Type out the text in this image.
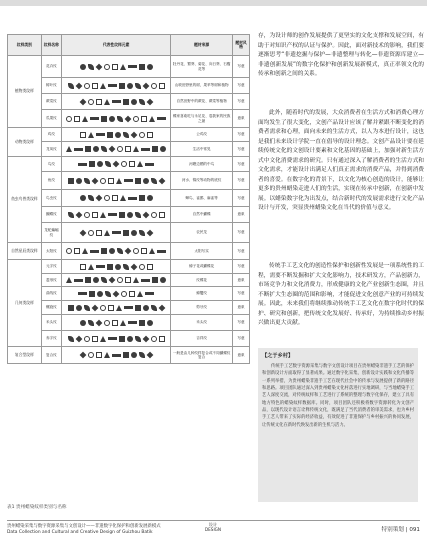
纹样类别	纹样名称	代表性纹样元素	题材来源	题材风格
植物类纹样	花卉纹		牡丹花、蜀葵、菊花、向日葵、石榴花等	写意
	树叶纹		山坡田野里的树，果苹等树和植物	写意
	蕨菜纹		自然田野中的蕨花、蕨菜等植物	写意
	瓜果纹		蝶家喜欢吃与永足花、卷我家的民族之最	意象
动物类纹样	鸡纹		公鸡纹	写意
	龙凤纹		生活中常见	写意
鱼虫鸟兽类纹样	鸟纹		河塘边栖的中鸟	写意
	鱼纹		河水、锦纹等动物的底纹	写意
	鸟虫纹		蝉鸟、雀鹊、麻雀等	写意
	蝴蝶纹		自然中蝴蝶	意象
	龙蛇蝙蝠纹		农民龙	写意
自然星辰类纹样	太阳纹		太阳写实	写意
几何类纹样	元字纹		螃子花或蝴蝶花	写意
	菱形纹		纹蝶花	意象
	曲线纹		螃蟹纹	写意
	螺旋纹		剪牙纹	意象
	禾头纹		禾头纹	写意
	寿字纹		吉祥纹	写意
复合型纹样	复合纹		一般是由几种纹样复合或不同蝴蝶纹复合	意象
表1 贵州蜡染纹样类别与名称

存，为设计师的创作发展提供了更坚实的文化支撑和发展空间，有助于对知识产权的认证与保护。因此，面对新技术的影响，我们要逐渐思考“非遗挖掘与保护—非遗整理与转化—非遗资源库建立—非遗创新发展”的数字化保护和创新发展新模式，真正率领文化的传承和创新之间的关系。

此外，随着时代的发展，大众消费者在生活方式和消费心理方面均发生了很大变化，文创产品设计应该了解并紧跟不断变化的消费者需求和心理，面向未来的生活方式，以人为本进行设计，这也是我们未来设计学院一直在倡导的设计理念。文创产品设计要在延续传统文化的文创设计要素和文化基因的基础上，加强对新生活方式中文化消费需求的研究。只有通过深入了解消费者的生活方式和文化需求，才能设计出满足人们真正需求的消费产品，并得到消费者的喜爱。在数字化的背景下，以文化为核心创造的设计，能够让更多的贵州蜡染走进人们的生活，实现在传承中创新，在创新中发展。以蜡染数字化为出发点，结合新时代的发展需求进行文化产品设计与开发，突显贵州蜡染文化在当代的价值与意义。

传统手工艺文化的创造性保护和创新性发展是一项系统性的工程，需要不断发掘和扩大文化影响力，技术研发方，产品创新力，市场竞争力和文化消费力，形成健康的文化产业创新生态圈，并且不断扩大生态圈的范围和影响，才能促进文化创意产业的可持续发展。因此，未来我们将继续推动传统手工艺文化在数字化时代的保护、研究和创新，把传统文化发展好、传承好，为持续推动乡村振兴做出更大贡献。

【之于乡村】

传统手工艺数字资源采集与数字文创设计项目在贵州蜡染非遗手工艺的保护和创新设计方面取得了显著成果。通过数字化采集、创新设计实践和文化传播等一系列举措，为贵州蜡染非遗手工艺在现代社会中的传承与发展提供了新的路径和思路。项目团队通过深入到贵州蜡染文化村落进行实地调研，与当地蜡染手工艺人深度交流，对传统纹样和工艺进行了系统的整理与数字化保存，建立了具有地方特色的蜡染纹样数据库。同时，项目团队还积极将数字资源转化为文创产品，以现代设计语言诠释传统文化，既满足了当代消费者的审美需求，也为乡村手工艺人带来了实际的经济收益，有效促进了非遗保护与乡村振兴的协同发展，让传统文化在新时代焕发出新的生机与活力。

贵州蜡染采集与数字资源采集与文创设计——非遗数字化保护和创新发展新模式
Data Collection and Cultural and Creative Design of Guizhou Batik
设计
DESIGN	特别策划 | 091
